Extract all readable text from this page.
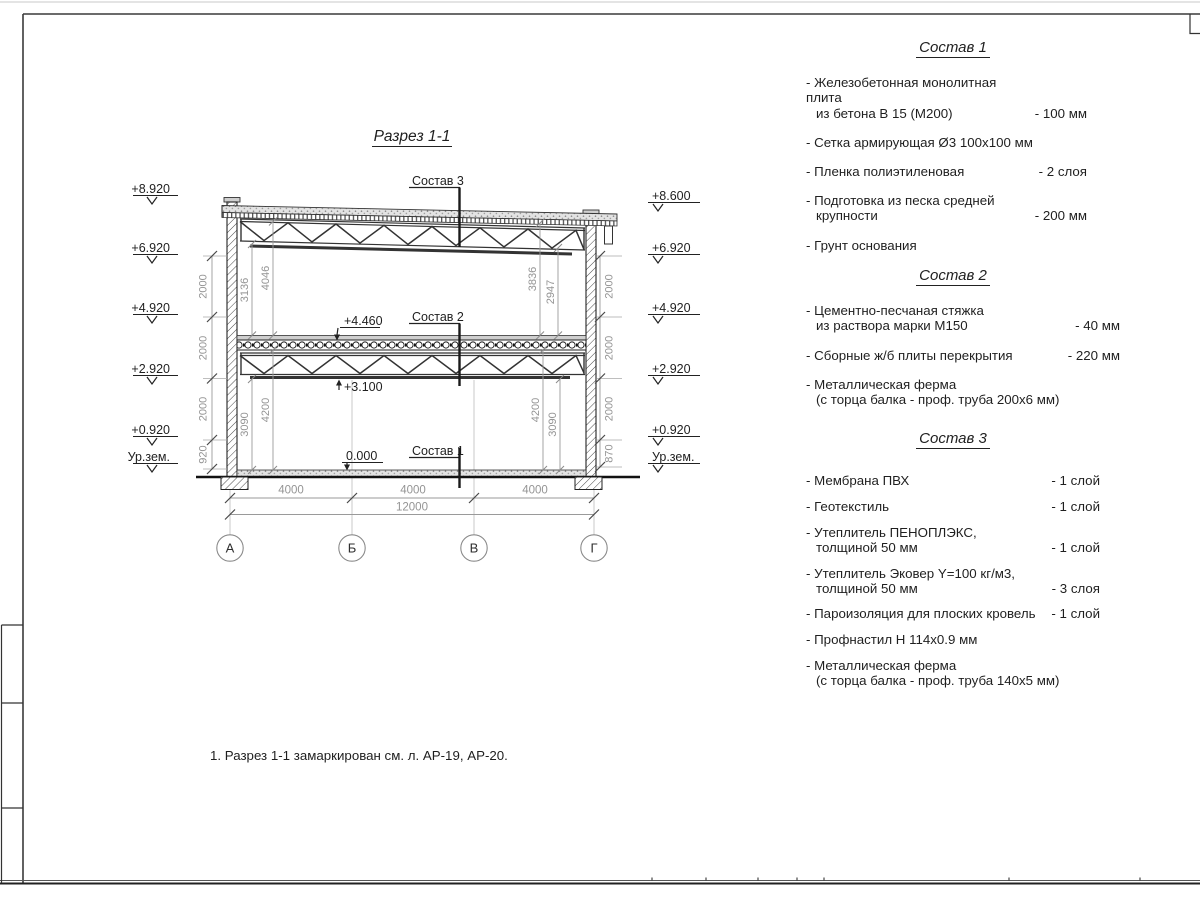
+8.920
+6.920
+4.920
+2.920
+0.920
Ур.зем.
+8.600
+6.920
+4.920
+2.920
+0.920
Ур.зем.
2000
2000
2000
920
2000
2000
2000
870
3136 4046	3836
2947
3090
4200	4200
3090
4000	4000	4000
12000
А	Б	В	Г
+4.460
+3.100
0.000
Состав 3
Состав 2
Состав 1
Разрез 1-1
Состав 1
- Железобетонная монолитная плита
из бетона В 15 (М200)	- 100 мм
- Сетка армирующая Ø3 100х100 мм
- Пленка полиэтиленовая	- 2 слоя
- Подготовка из песка средней
крупности	- 200 мм
- Грунт основания
Состав 2
- Цементно-песчаная стяжка
из раствора марки М150	- 40 мм
- Сборные ж/б плиты перекрытия	- 220 мм
- Металлическая ферма
(с торца балка - проф. труба 200х6 мм)
Состав 3
- Мембрана ПВХ	- 1 слой
- Геотекстиль	- 1 слой
- Утеплитель ПЕНОПЛЭКС,
толщиной 50 мм	- 1 слой
- Утеплитель Эковер Y=100 кг/м3,
толщиной 50 мм	- 3 слоя
- Пароизоляция для плоских кровель	- 1 слой
- Профнастил Н 114х0.9 мм
- Металлическая ферма
(с торца балка - проф. труба 140х5 мм)
1. Разрез 1-1 замаркирован см. л. АР-19, АР-20.
